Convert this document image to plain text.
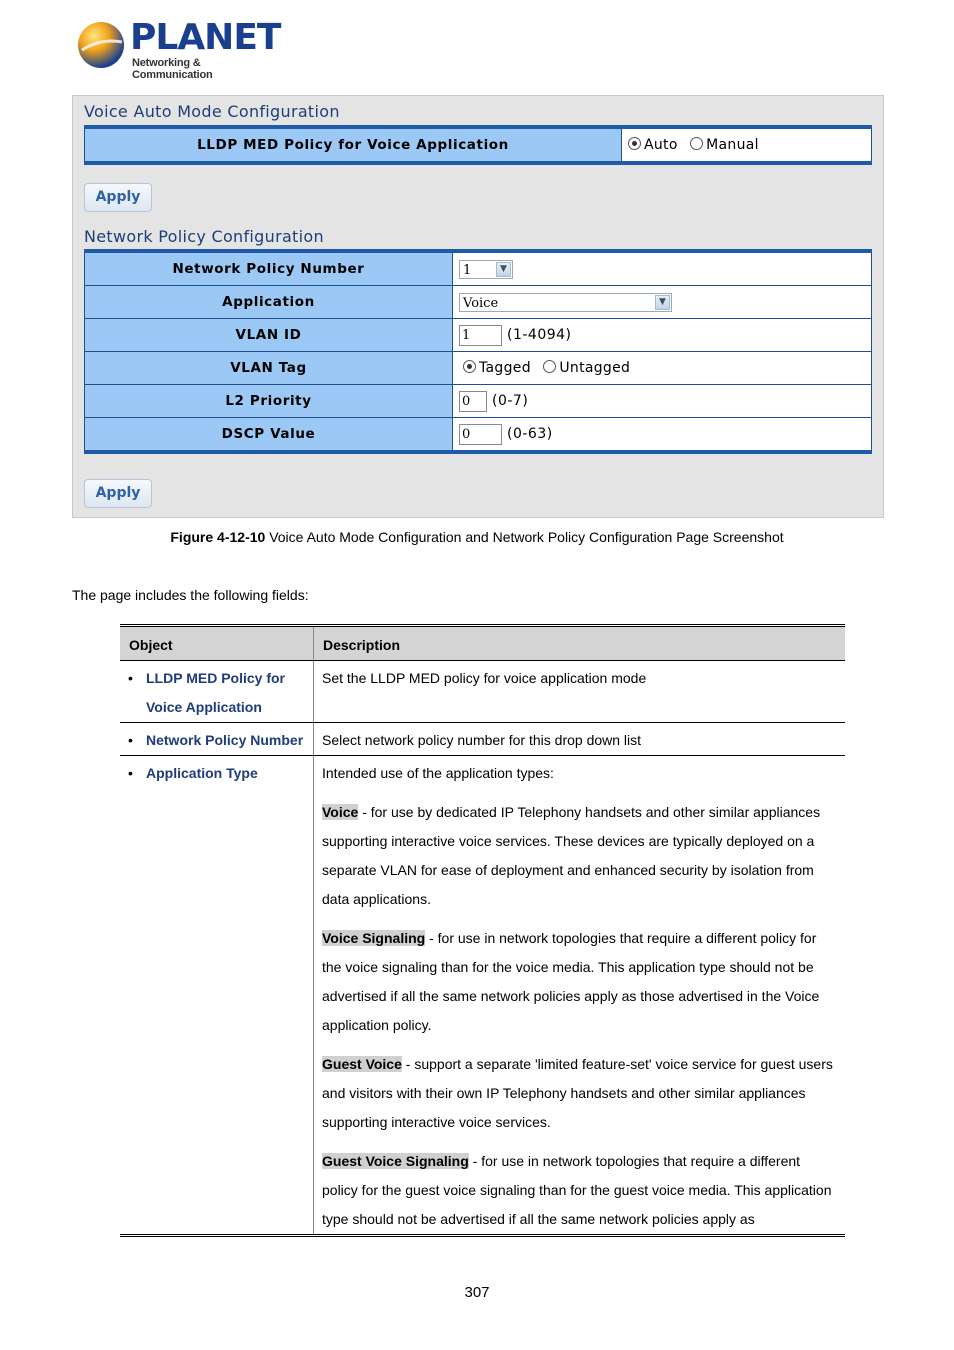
PLANET
Networking & Communication
Voice Auto Mode Configuration
LLDP MED Policy for Voice Application	Auto Manual
Apply
Network Policy Configuration
Network Policy Number	1 ▼

Application	Voice ▼

VLAN ID	1 (1-4094)
VLAN Tag	Tagged Untagged
L2 Priority	0 (0-7)
DSCP Value	0 (0-63)
Apply
Figure 4-12-10 Voice Auto Mode Configuration and Network Policy Configuration Page Screenshot
The page includes the following fields:
Object	Description

• LLDP MED Policy for Voice Application	Set the LLDP MED policy for voice application mode

• Network Policy Number	Select network policy number for this drop down list

• Application Type	Intended use of the application types:

Voice - for use by dedicated IP Telephony handsets and other similar appliances supporting interactive voice services. These devices are typically deployed on a separate VLAN for ease of deployment and enhanced security by isolation from data applications.

Voice Signaling - for use in network topologies that require a different policy for the voice signaling than for the voice media. This application type should not be advertised if all the same network policies apply as those advertised in the Voice application policy.

Guest Voice - support a separate 'limited feature-set' voice service for guest users and visitors with their own IP Telephony handsets and other similar appliances supporting interactive voice services.

Guest Voice Signaling - for use in network topologies that require a different policy for the guest voice signaling than for the guest voice media. This application type should not be advertised if all the same network policies apply as

307
